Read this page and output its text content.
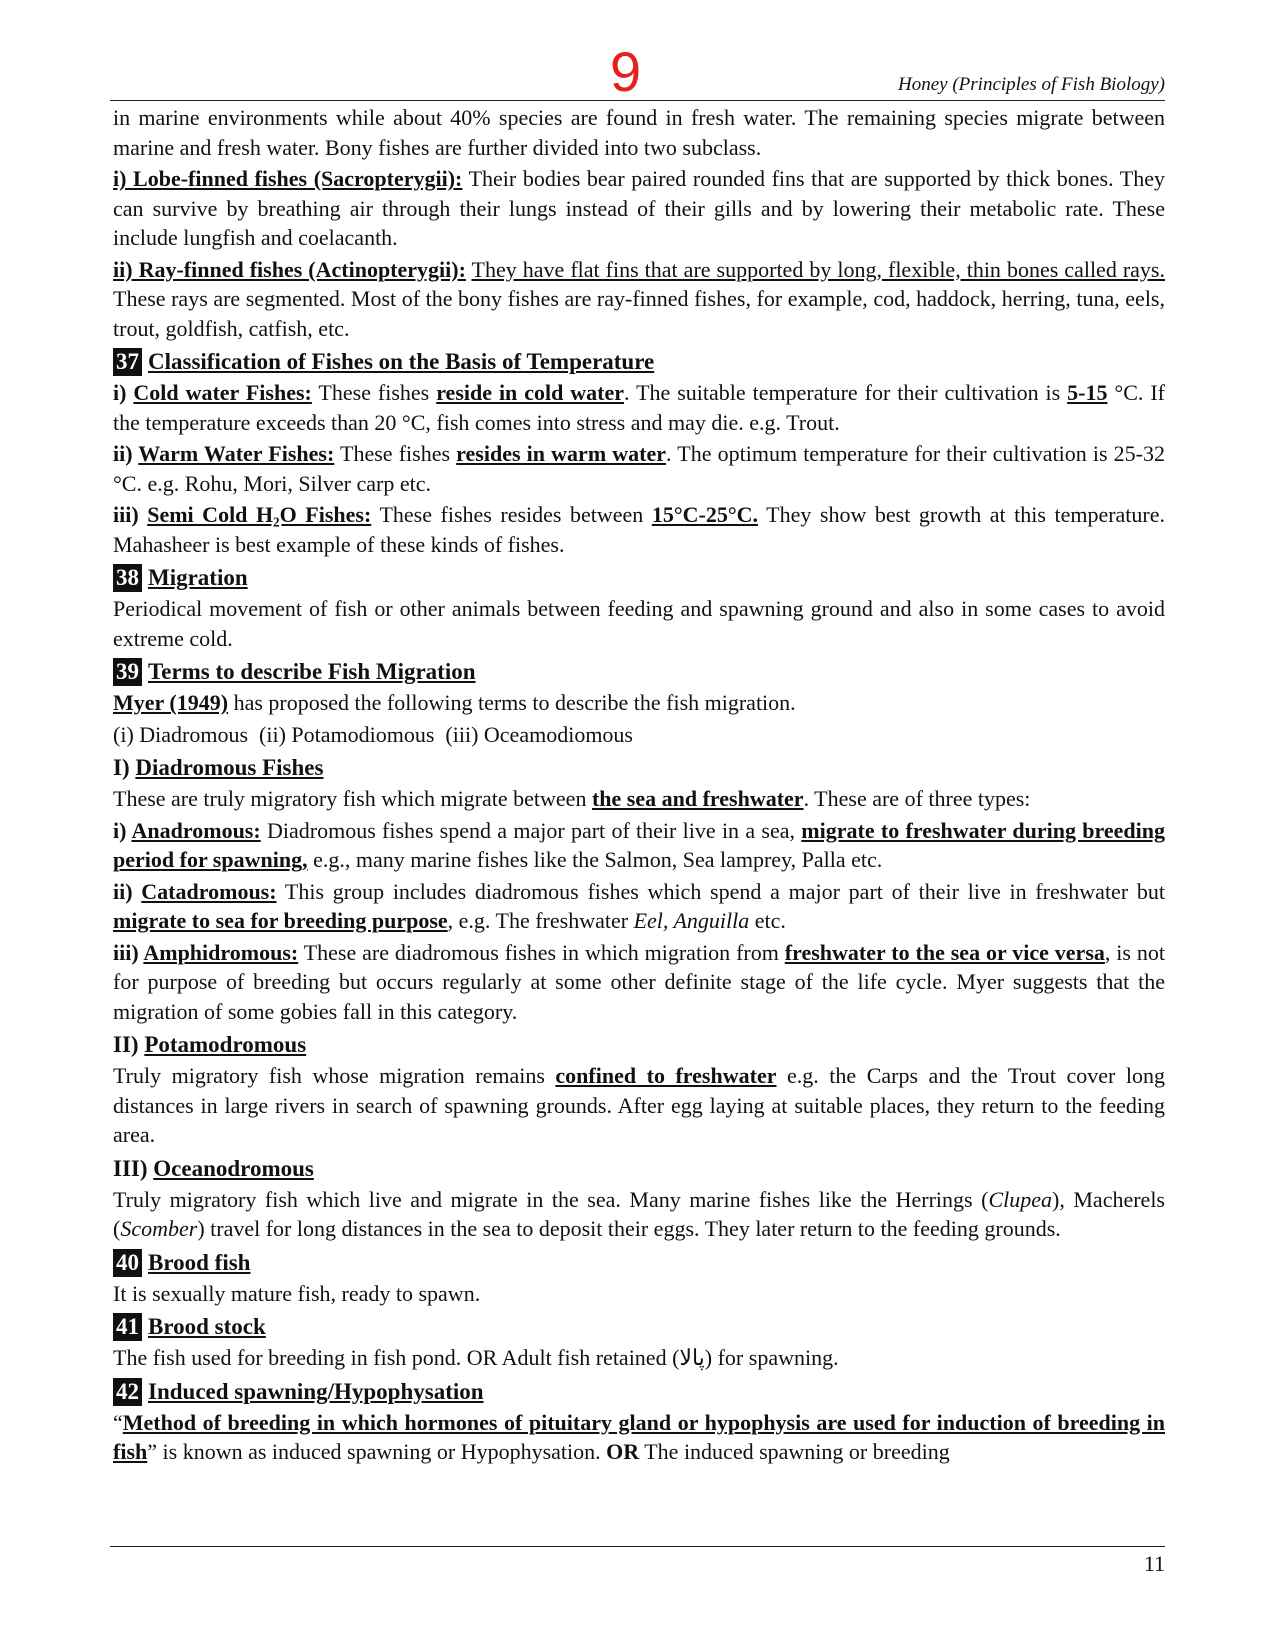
9	Honey (Principles of Fish Biology)

in marine environments while about 40% species are found in fresh water. The remaining species migrate between marine and fresh water. Bony fishes are further divided into two subclass.

i) Lobe-finned fishes (Sacropterygii): Their bodies bear paired rounded fins that are supported by thick bones. They can survive by breathing air through their lungs instead of their gills and by lowering their metabolic rate. These include lungfish and coelacanth.

ii) Ray-finned fishes (Actinopterygii): They have flat fins that are supported by long, flexible, thin bones called rays. These rays are segmented. Most of the bony fishes are ray-finned fishes, for example, cod, haddock, herring, tuna, eels, trout, goldfish, catfish, etc.

37 Classification of Fishes on the Basis of Temperature

i) Cold water Fishes: These fishes reside in cold water. The suitable temperature for their cultivation is 5-15 °C. If the temperature exceeds than 20 °C, fish comes into stress and may die. e.g. Trout.

ii) Warm Water Fishes: These fishes resides in warm water. The optimum temperature for their cultivation is 25-32 °C. e.g. Rohu, Mori, Silver carp etc.

iii) Semi Cold H₂O Fishes: These fishes resides between 15°C-25°C. They show best growth at this temperature. Mahasheer is best example of these kinds of fishes.

38 Migration

Periodical movement of fish or other animals between feeding and spawning ground and also in some cases to avoid extreme cold.

39 Terms to describe Fish Migration

Myer (1949) has proposed the following terms to describe the fish migration.

(i) Diadromous  (ii) Potamodiomous  (iii) Oceamodiomous

I) Diadromous Fishes

These are truly migratory fish which migrate between the sea and freshwater. These are of three types:

i) Anadromous: Diadromous fishes spend a major part of their live in a sea, migrate to freshwater during breeding period for spawning, e.g., many marine fishes like the Salmon, Sea lamprey, Palla etc.

ii) Catadromous: This group includes diadromous fishes which spend a major part of their live in freshwater but migrate to sea for breeding purpose, e.g. The freshwater Eel, Anguilla etc.

iii) Amphidromous: These are diadromous fishes in which migration from freshwater to the sea or vice versa, is not for purpose of breeding but occurs regularly at some other definite stage of the life cycle. Myer suggests that the migration of some gobies fall in this category.

II) Potamodromous

Truly migratory fish whose migration remains confined to freshwater e.g. the Carps and the Trout cover long distances in large rivers in search of spawning grounds. After egg laying at suitable places, they return to the feeding area.

III) Oceanodromous

Truly migratory fish which live and migrate in the sea. Many marine fishes like the Herrings (Clupea), Macherels (Scomber) travel for long distances in the sea to deposit their eggs. They later return to the feeding grounds.

40 Brood fish

It is sexually mature fish, ready to spawn.

41 Brood stock

The fish used for breeding in fish pond. OR Adult fish retained (پالا) for spawning.

42 Induced spawning/Hypophysation

“Method of breeding in which hormones of pituitary gland or hypophysis are used for induction of breeding in fish” is known as induced spawning or Hypophysation. OR The induced spawning or breeding

11
